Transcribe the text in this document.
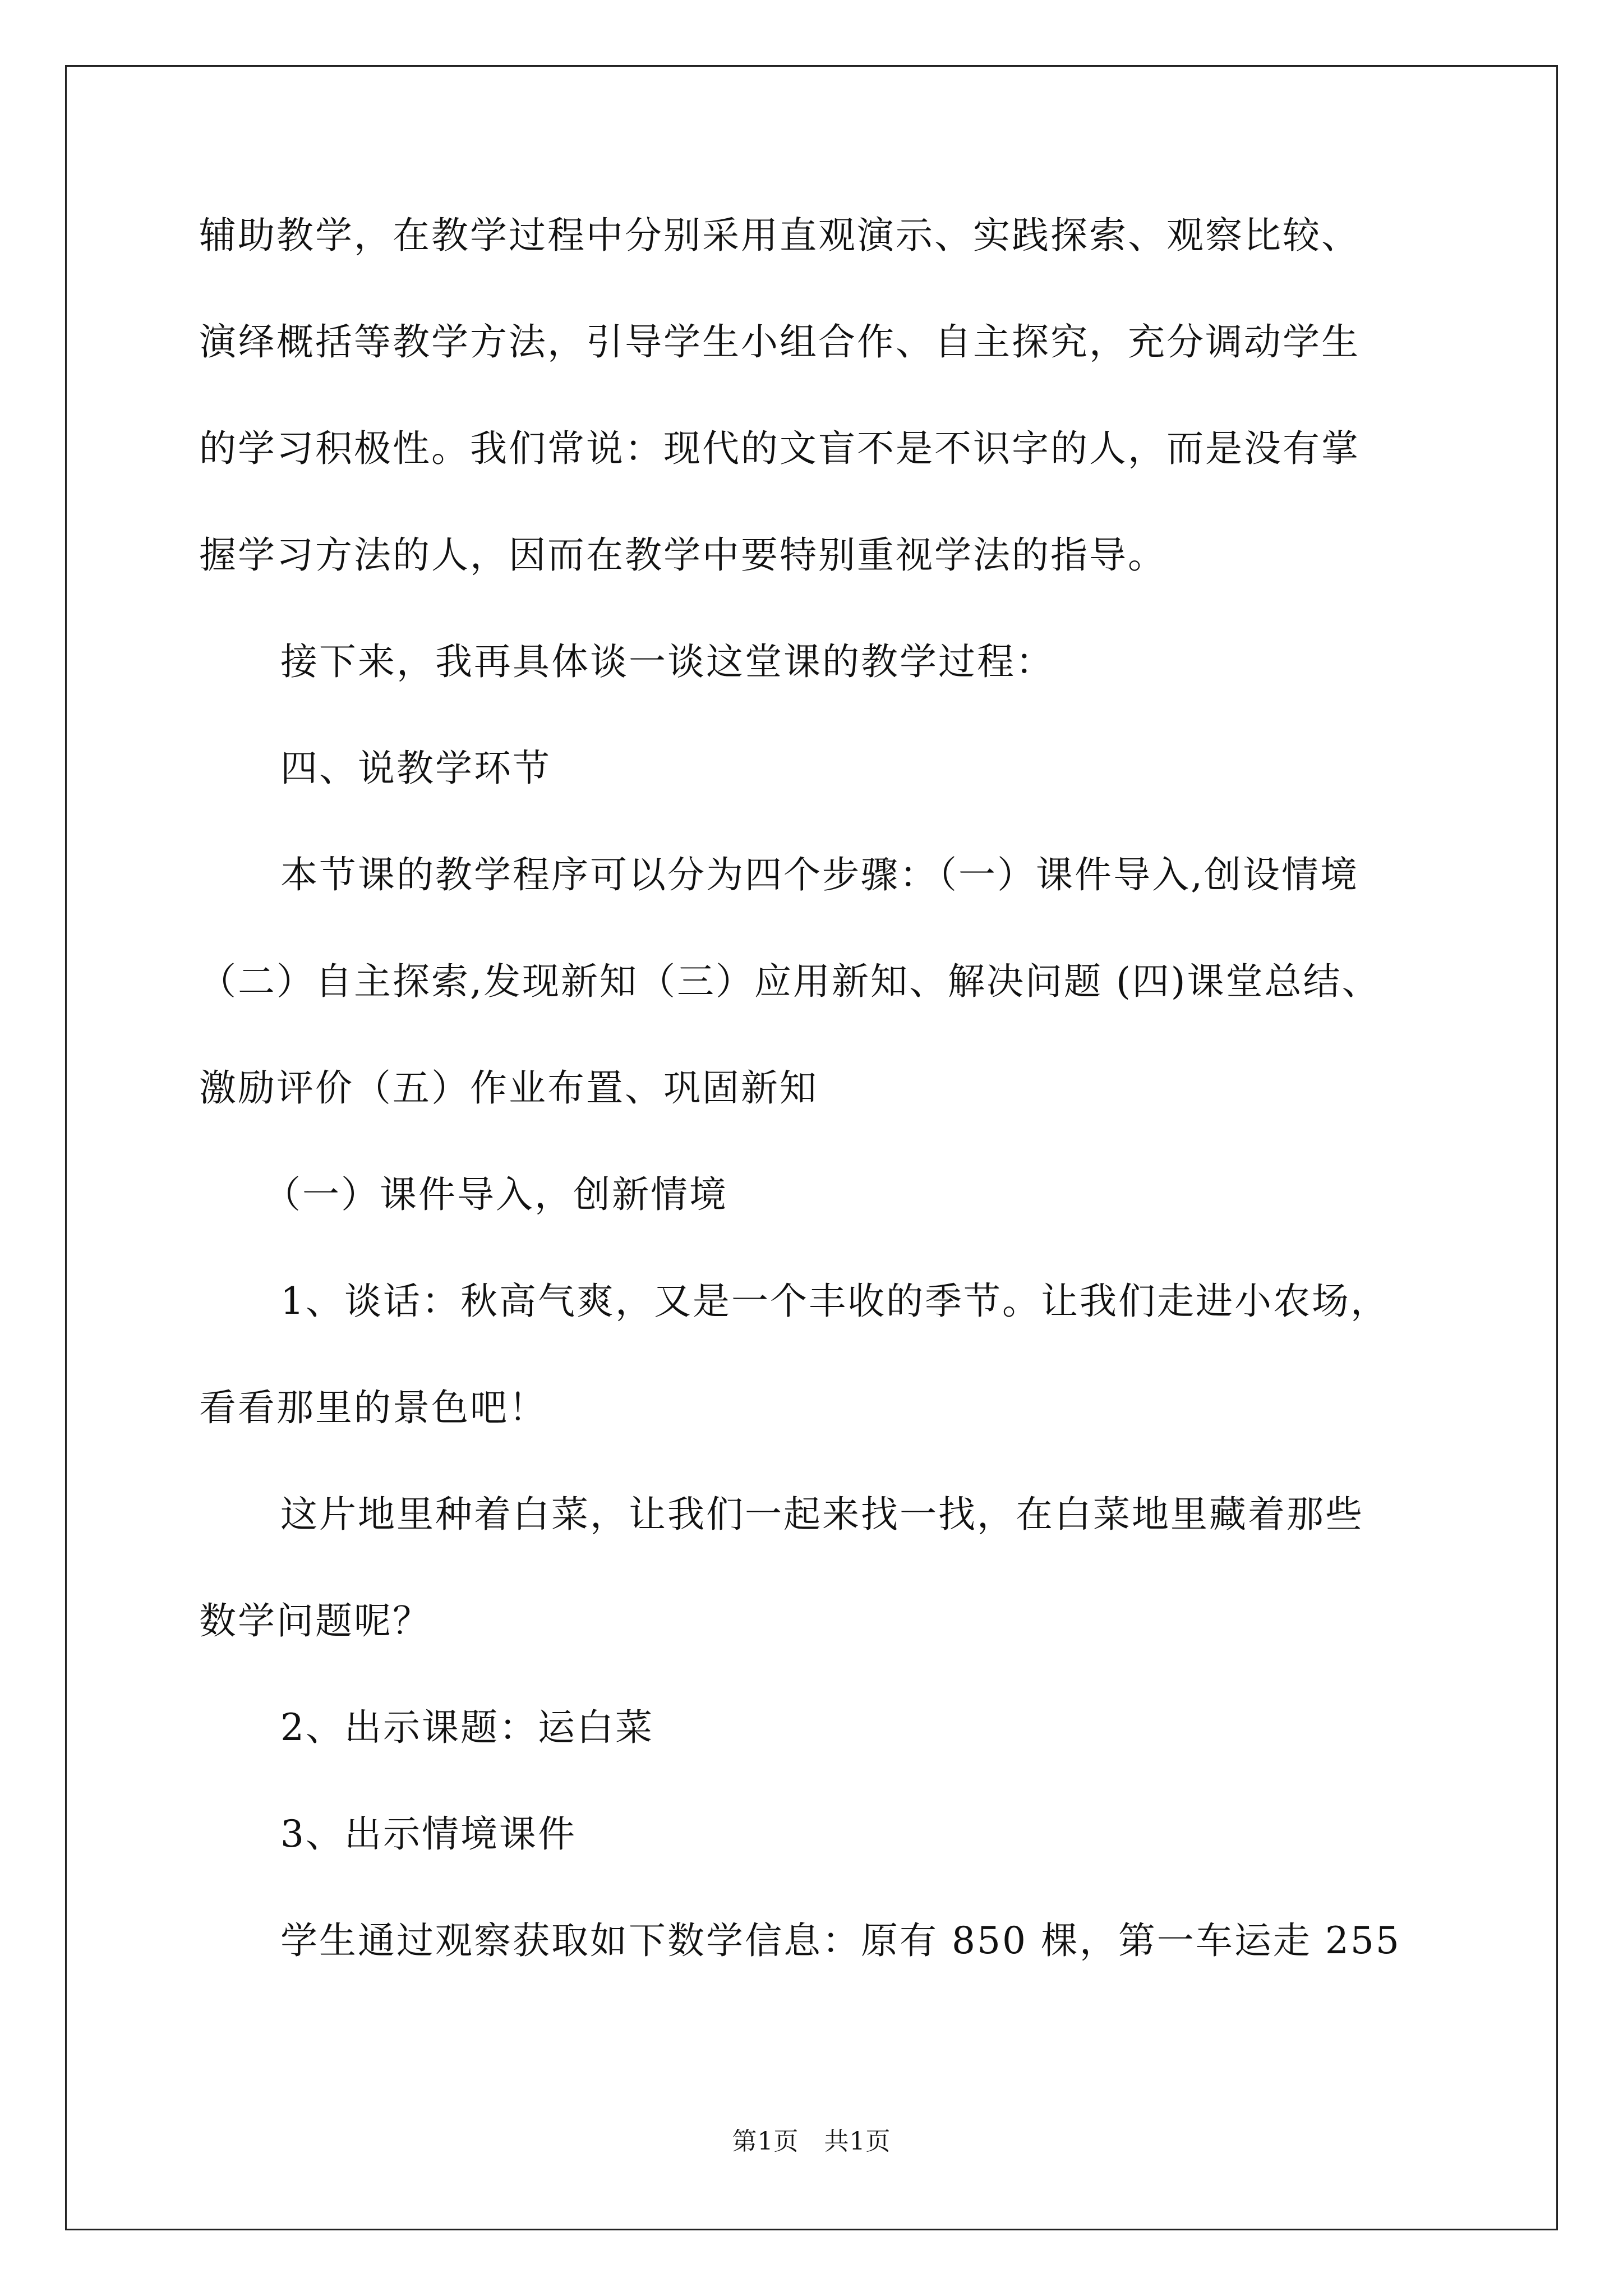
辅助教学，在教学过程中分别采用直观演示、实践探索、观察比较、
演绎概括等教学方法，引导学生小组合作、自主探究，充分调动学生
的学习积极性。我们常说：现代的文盲不是不识字的人，而是没有掌
握学习方法的人，因而在教学中要特别重视学法的指导。
接下来，我再具体谈一谈这堂课的教学过程：
四、说教学环节
本节课的教学程序可以分为四个步骤：（一）课件导入,创设情境
（二）自主探索,发现新知（三）应用新知、解决问题 (四)课堂总结、
激励评价（五）作业布置、巩固新知
（一）课件导入，创新情境
1、谈话：秋高气爽，又是一个丰收的季节。让我们走进小农场，
看看那里的景色吧！
这片地里种着白菜，让我们一起来找一找，在白菜地里藏着那些
数学问题呢？
2、出示课题：运白菜
3、出示情境课件
学生通过观察获取如下数学信息：原有 850 棵，第一车运走 255
第1页　共1页
